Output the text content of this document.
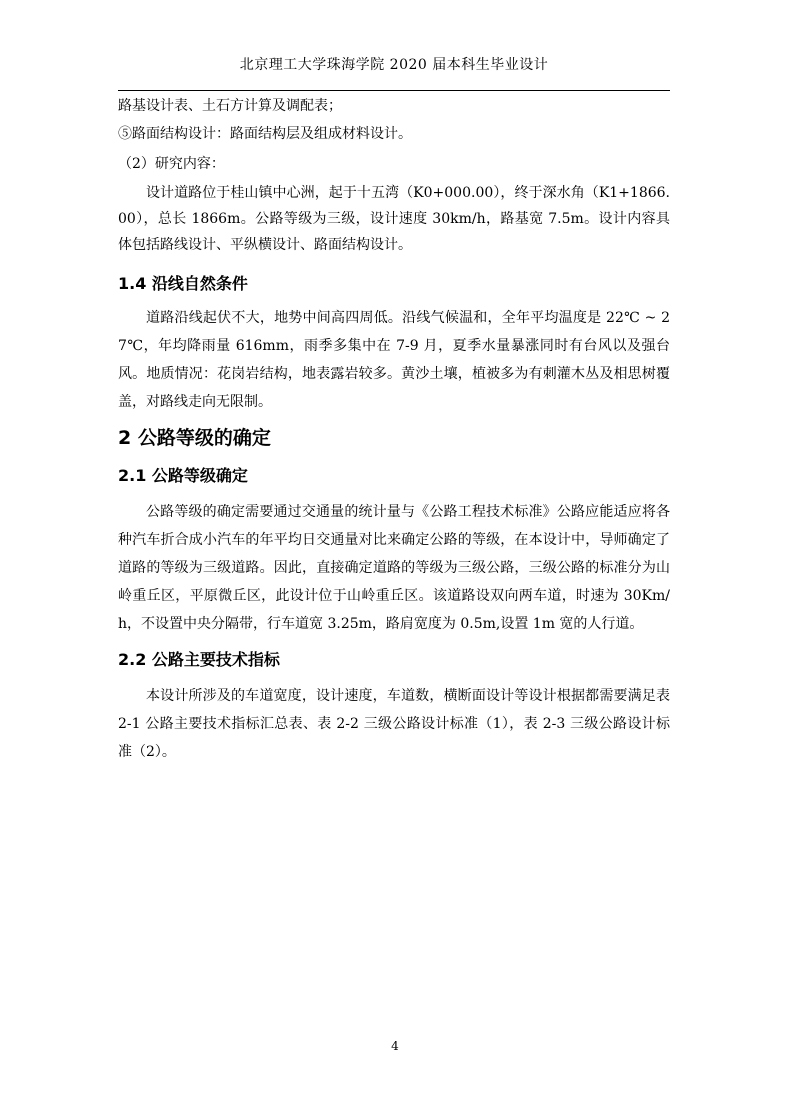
北京理工大学珠海学院 2020 届本科生毕业设计

路基设计表、土石方计算及调配表；

⑤路面结构设计：路面结构层及组成材料设计。

（2）研究内容：

设计道路位于桂山镇中心洲，起于十五湾（K0+000.00），终于深水角（K1+1866.00），总长 1866m。公路等级为三级，设计速度 30km/h，路基宽 7.5m。设计内容具体包括路线设计、平纵横设计、路面结构设计。

1.4 沿线自然条件

道路沿线起伏不大，地势中间高四周低。沿线气候温和，全年平均温度是 22℃ ~ 27℃，年均降雨量 616mm，雨季多集中在 7-9 月，夏季水量暴涨同时有台风以及强台风。地质情况：花岗岩结构，地表露岩较多。黄沙土壤，植被多为有刺灌木丛及相思树覆盖，对路线走向无限制。

2 公路等级的确定
2.1 公路等级确定

公路等级的确定需要通过交通量的统计量与《公路工程技术标准》公路应能适应将各种汽车折合成小汽车的年平均日交通量对比来确定公路的等级，在本设计中，导师确定了道路的等级为三级道路。因此，直接确定道路的等级为三级公路，三级公路的标准分为山岭重丘区，平原微丘区，此设计位于山岭重丘区。该道路设双向两车道，时速为 30Km/h，不设置中央分隔带，行车道宽 3.25m，路肩宽度为 0.5m,设置 1m 宽的人行道。

2.2 公路主要技术指标

本设计所涉及的车道宽度，设计速度，车道数，横断面设计等设计根据都需要满足表 2-1 公路主要技术指标汇总表、表 2-2 三级公路设计标准（1），表 2-3 三级公路设计标准（2）。

4
